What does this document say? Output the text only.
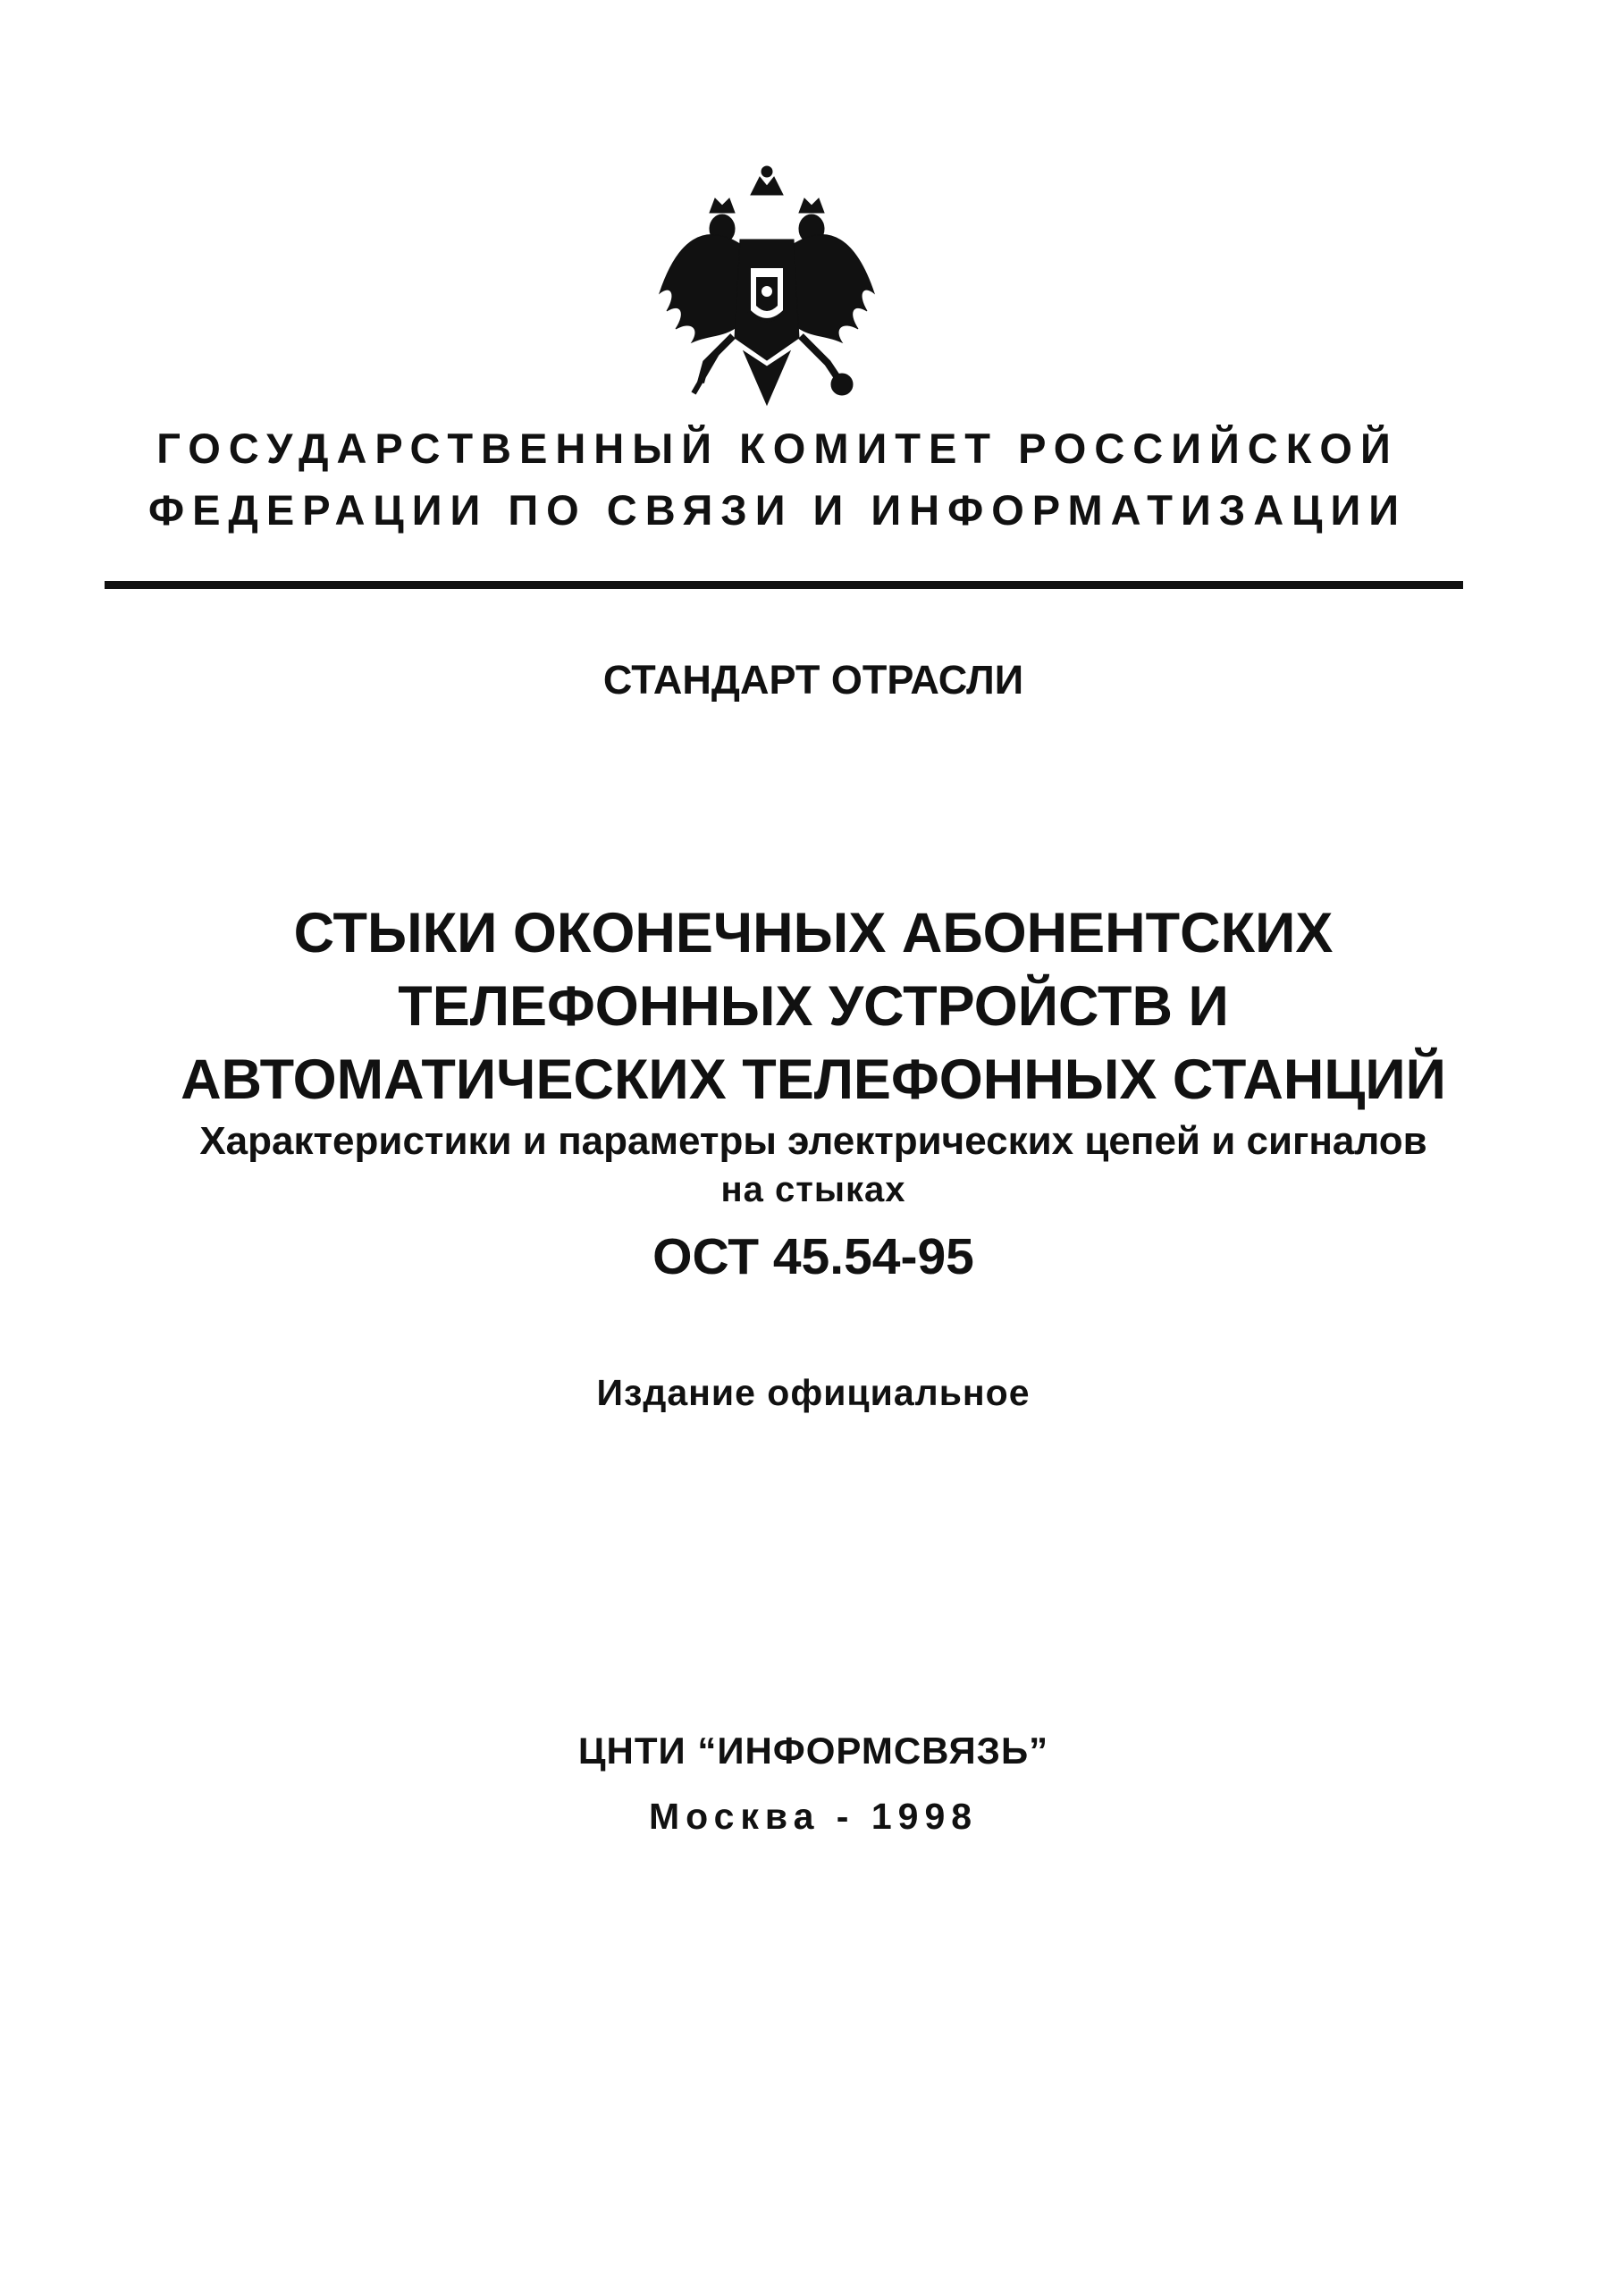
ГОСУДАРСТВЕННЫЙ КОМИТЕТ РОССИЙСКОЙ
ФЕДЕРАЦИИ ПО СВЯЗИ И ИНФОРМАТИЗАЦИИ
СТАНДАРТ ОТРАСЛИ
СТЫКИ ОКОНЕЧНЫХ АБОНЕНТСКИХ
ТЕЛЕФОННЫХ УСТРОЙСТВ И
АВТОМАТИЧЕСКИХ ТЕЛЕФОННЫХ СТАНЦИЙ
Характеристики и параметры электрических цепей и сигналов
на стыках
ОСТ 45.54-95
Издание официальное
ЦНТИ “ИНФОРМСВЯЗЬ”
Москва - 1998
